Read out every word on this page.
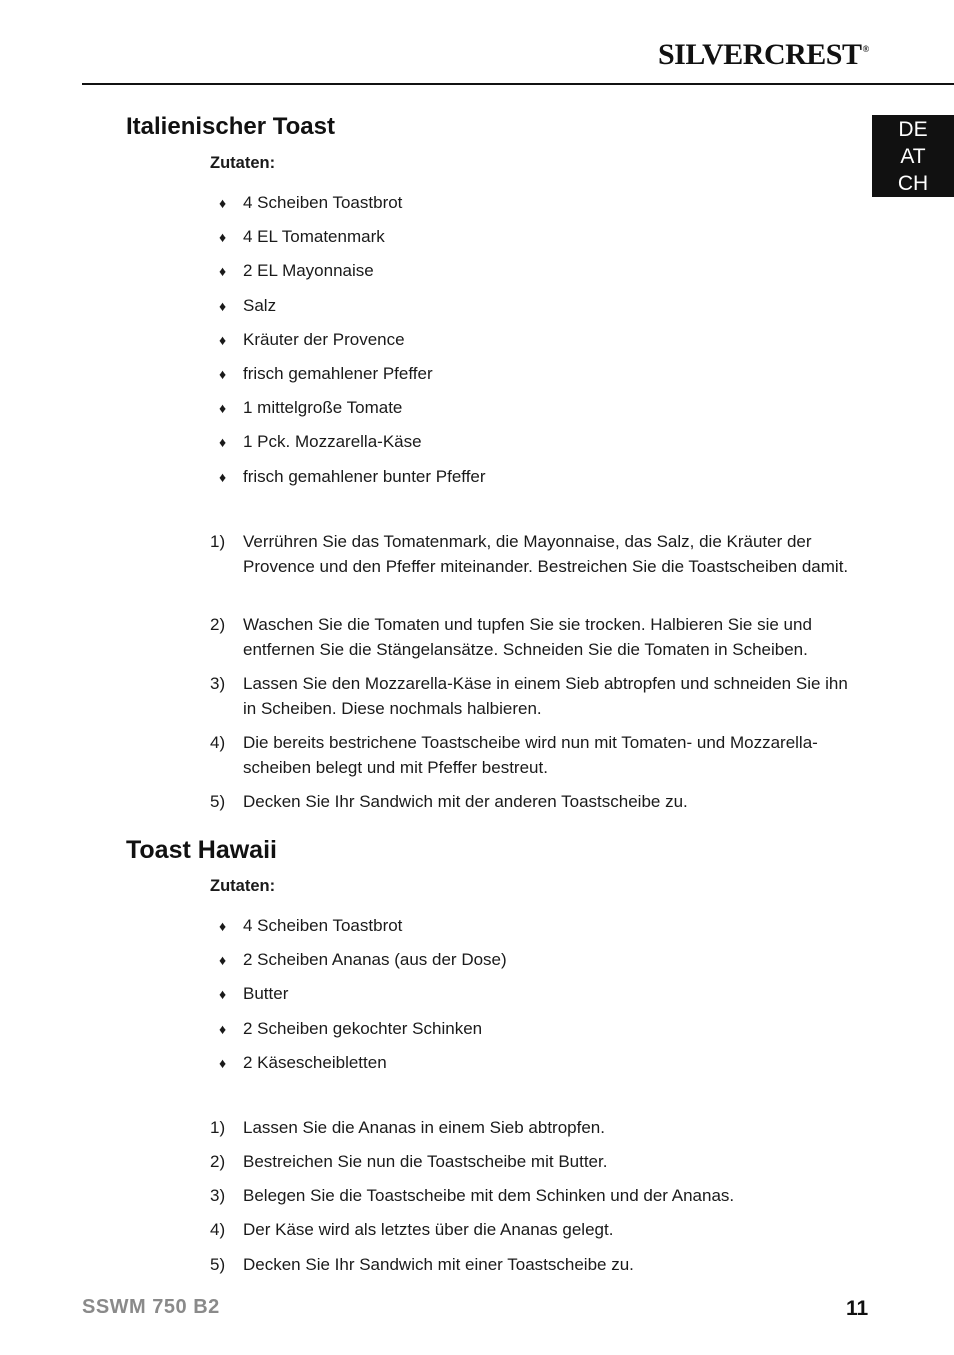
SILVERCREST®
DE
AT
CH
Italienischer Toast

Zutaten:

♦ 4 Scheiben Toastbrot
♦ 4 EL Tomatenmark
♦ 2 EL Mayonnaise
♦ Salz
♦ Kräuter der Provence
♦ frisch gemahlener Pfeffer
♦ 1 mittelgroße Tomate
♦ 1 Pck. Mozzarella-Käse
♦ frisch gemahlener bunter Pfeffer
1) Verrühren Sie das Tomatenmark, die Mayonnaise, das Salz, die Kräuter der Provence und den Pfeffer miteinander. Bestreichen Sie die Toastscheiben damit.
2) Waschen Sie die Tomaten und tupfen Sie sie trocken. Halbieren Sie sie und entfernen Sie die Stängelansätze. Schneiden Sie die Tomaten in Scheiben.
3) Lassen Sie den Mozzarella-Käse in einem Sieb abtropfen und schneiden Sie ihn in Scheiben. Diese nochmals halbieren.
4) Die bereits bestrichene Toastscheibe wird nun mit Tomaten- und Mozzarella-scheiben belegt und mit Pfeffer bestreut.
5) Decken Sie Ihr Sandwich mit der anderen Toastscheibe zu.
Toast Hawaii

Zutaten:

♦ 4 Scheiben Toastbrot
♦ 2 Scheiben Ananas (aus der Dose)
♦ Butter
♦ 2 Scheiben gekochter Schinken
♦ 2 Käsescheibletten
1) Lassen Sie die Ananas in einem Sieb abtropfen.
2) Bestreichen Sie nun die Toastscheibe mit Butter.
3) Belegen Sie die Toastscheibe mit dem Schinken und der Ananas.
4) Der Käse wird als letztes über die Ananas gelegt.
5) Decken Sie Ihr Sandwich mit einer Toastscheibe zu.
SSWM 750 B2	11
